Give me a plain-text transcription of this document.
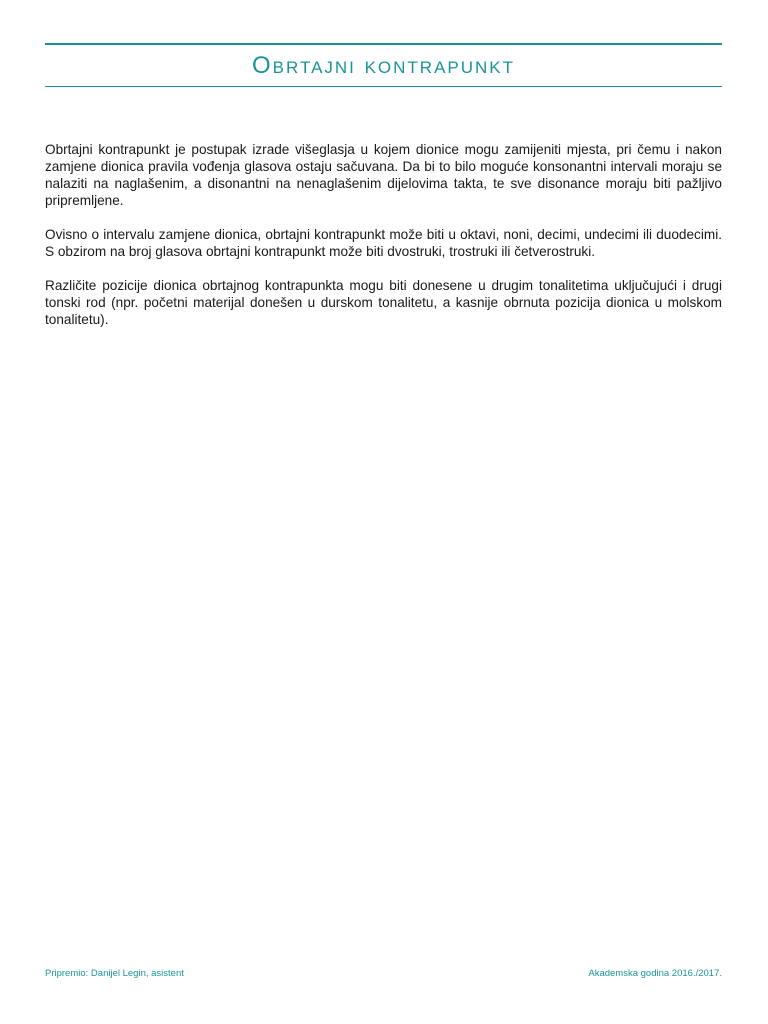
Obrtajni kontrapunkt

Obrtajni kontrapunkt je postupak izrade višeglasja u kojem dionice mogu zamijeniti mjesta, pri čemu i nakon zamjene dionica pravila vođenja glasova ostaju sačuvana. Da bi to bilo moguće konsonantni intervali moraju se nalaziti na naglašenim, a disonantni na nenaglašenim dijelovima takta, te sve disonance moraju biti pažljivo pripremljene.

Ovisno o intervalu zamjene dionica, obrtajni kontrapunkt može biti u oktavi, noni, decimi, undecimi ili duodecimi. S obzirom na broj glasova obrtajni kontrapunkt može biti dvostruki, trostruki ili četverostruki.

Različite pozicije dionica obrtajnog kontrapunkta mogu biti donesene u drugim tonalitetima uključujući i drugi tonski rod (npr. početni materijal donešen u durskom tonalitetu, a kasnije obrnuta pozicija dionica u molskom tonalitetu).

Pripremio: Danijel Legin, asistent	Akademska godina 2016./2017.
